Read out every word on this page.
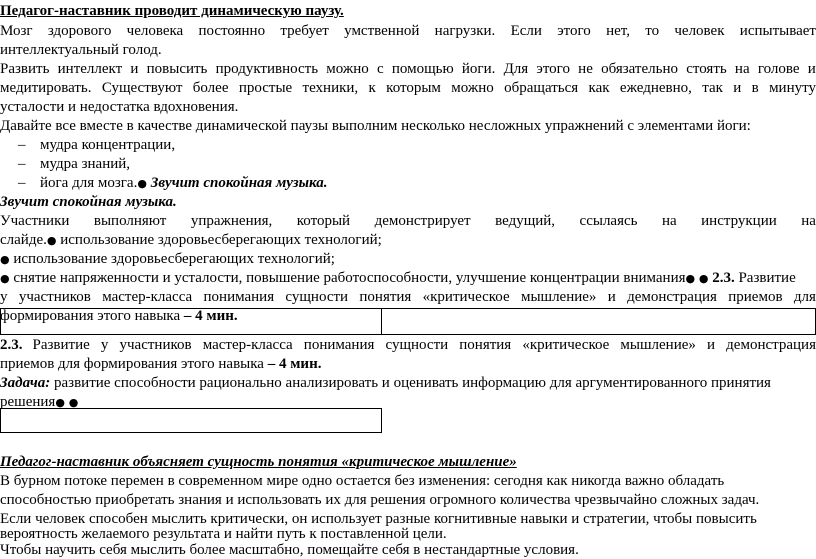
Педагог-наставник проводит динамическую паузу.
Мозг здорового человека постоянно требует умственной нагрузки. Если этого нет, то человек испытывает
интеллектуальный голод.
Развить интеллект и повысить продуктивность можно с помощью йоги. Для этого не обязательно стоять на голове и
медитировать. Существуют более простые техники, к которым можно обращаться как ежедневно, так и в минуту
усталости и недостатка вдохновения.
Давайте все вместе в качестве динамической паузы выполним несколько несложных упражнений с элементами йоги:
– мудра концентрации,
– мудра знаний,
– йога для мозга.● Звучит спокойная музыка.
Звучит спокойная музыка.
Участники выполняют упражнения, который демонстрирует ведущий, ссылаясь на инструкции на
слайде.● использование здоровьесберегающих технологий;
● использование здоровьесберегающих технологий;
● снятие напряженности и усталости, повышение работоспособности, улучшение концентрации внимания● ● 2.3. Развитие
у участников мастер-класса понимания сущности понятия «критическое мышление» и демонстрация приемов для
формирования этого навыка – 4 мин.
2.3. Развитие у участников мастер-класса понимания сущности понятия «критическое мышление» и демонстрация
приемов для формирования этого навыка – 4 мин.
Задача: развитие способности рационально анализировать и оценивать информацию для аргументированного принятия
решения● ●
Педагог-наставник объясняет сущность понятия «критическое мышление»
В бурном потоке перемен в современном мире одно остается без изменения: сегодня как никогда важно обладать
способностью приобретать знания и использовать их для решения огромного количества чрезвычайно сложных задач.
Если человек способен мыслить критически, он использует разные когнитивные навыки и стратегии, чтобы повысить
вероятность желаемого результата и найти путь к поставленной цели.
Чтобы научить себя мыслить более масштабно, помещайте себя в нестандартные условия.
